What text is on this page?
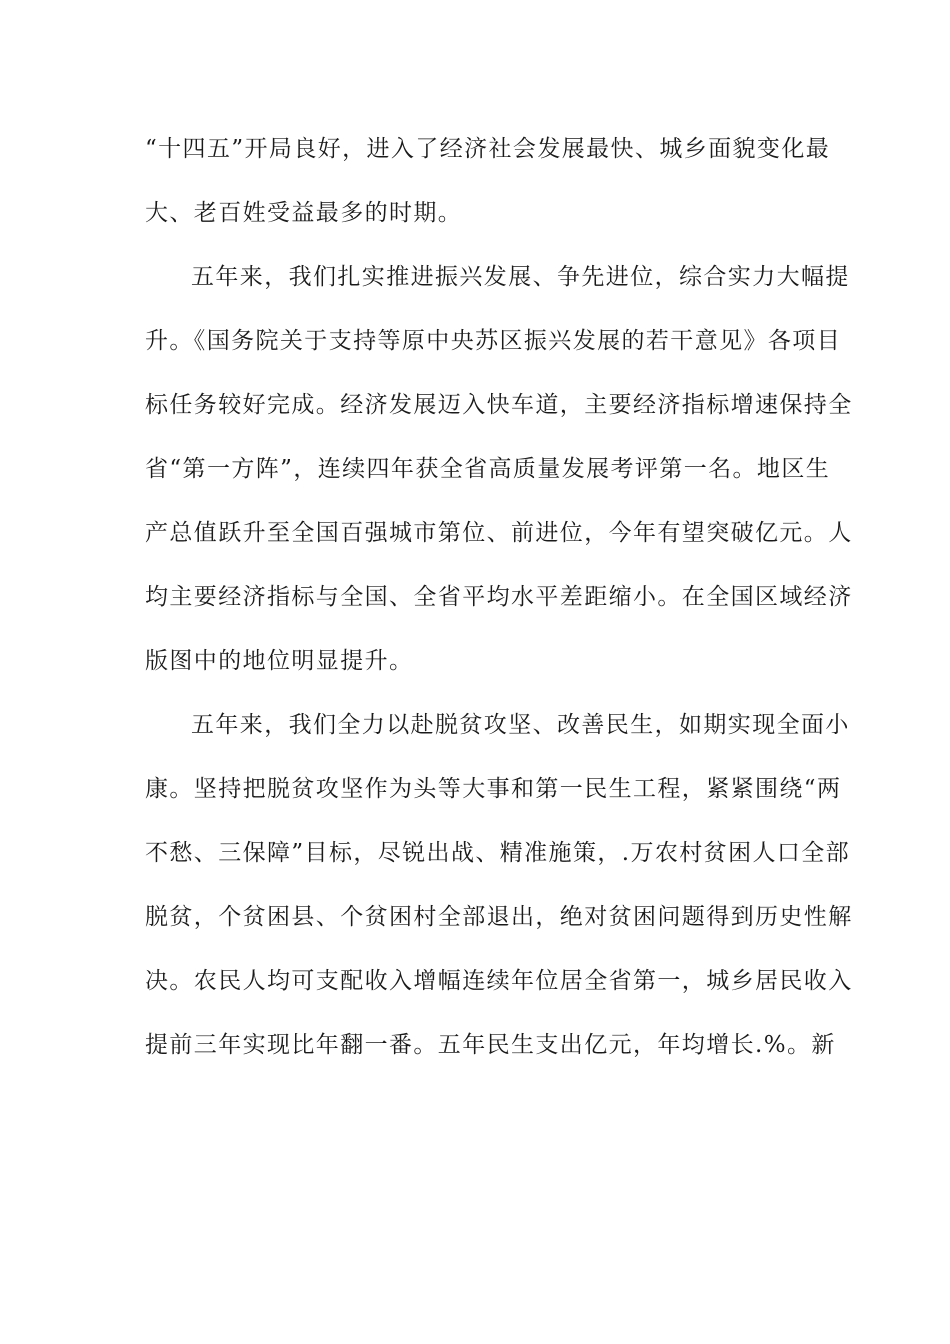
“十四五”开局良好，进入了经济社会发展最快、城乡面貌变化最
大、老百姓受益最多的时期。
五年来，我们扎实推进振兴发展、争先进位，综合实力大幅提
升。《国务院关于支持等原中央苏区振兴发展的若干意见》各项目
标任务较好完成。经济发展迈入快车道，主要经济指标增速保持全
省“第一方阵”，连续四年获全省高质量发展考评第一名。地区生
产总值跃升至全国百强城市第位、前进位，今年有望突破亿元。人
均主要经济指标与全国、全省平均水平差距缩小。在全国区域经济
版图中的地位明显提升。
五年来，我们全力以赴脱贫攻坚、改善民生，如期实现全面小
康。坚持把脱贫攻坚作为头等大事和第一民生工程，紧紧围绕“两
不愁、三保障”目标，尽锐出战、精准施策，.万农村贫困人口全部
脱贫，个贫困县、个贫困村全部退出，绝对贫困问题得到历史性解
决。农民人均可支配收入增幅连续年位居全省第一，城乡居民收入
提前三年实现比年翻一番。五年民生支出亿元，年均增长.%。新
